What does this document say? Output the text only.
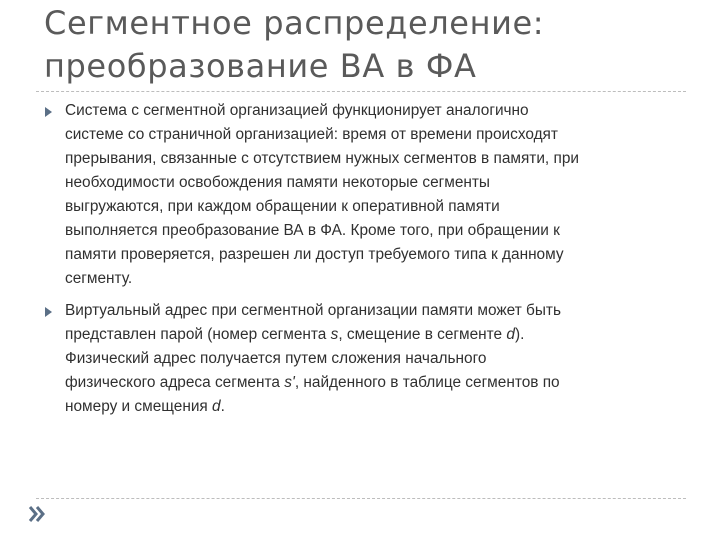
Сегментное распределение:
преобразование ВА в ФА
Система с сегментной организацией функционирует аналогично
системе со страничной организацией: время от времени происходят
прерывания, связанные с отсутствием нужных сегментов в памяти, при
необходимости освобождения памяти некоторые сегменты
выгружаются, при каждом обращении к оперативной памяти
выполняется преобразование ВА в ФА. Кроме того, при обращении к
памяти проверяется, разрешен ли доступ требуемого типа к данному
сегменту.
Виртуальный адрес при сегментной организации памяти может быть
представлен парой (номер сегмента s, смещение в сегменте d).
Физический адрес получается путем сложения начального
физического адреса сегмента s', найденного в таблице сегментов по
номеру и смещения d.
